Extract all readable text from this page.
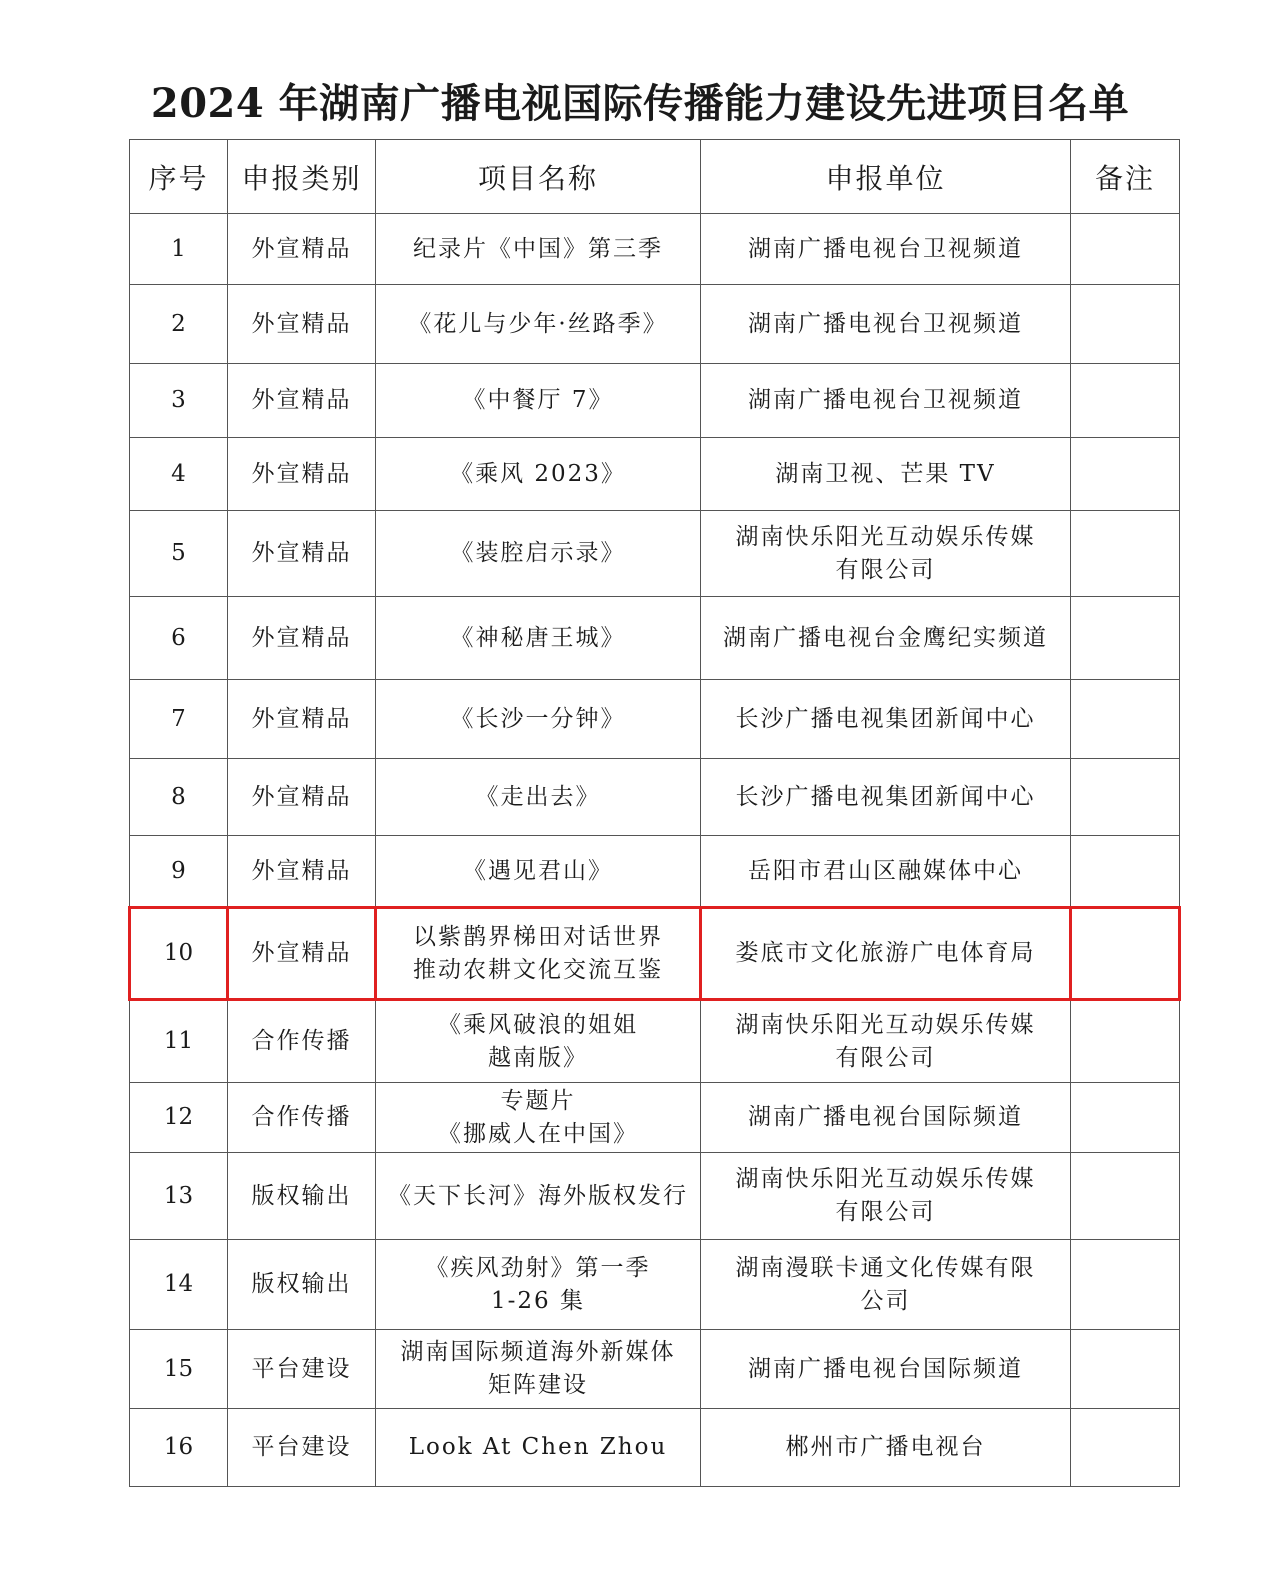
2024 年湖南广播电视国际传播能力建设先进项目名单
序号	申报类别	项目名称	申报单位	备注
1	外宣精品	纪录片《中国》第三季	湖南广播电视台卫视频道	
2	外宣精品	《花儿与少年·丝路季》	湖南广播电视台卫视频道	
3	外宣精品	《中餐厅 7》	湖南广播电视台卫视频道	
4	外宣精品	《乘风 2023》	湖南卫视、芒果 TV	
5	外宣精品	《装腔启示录》	湖南快乐阳光互动娱乐传媒
有限公司	
6	外宣精品	《神秘唐王城》	湖南广播电视台金鹰纪实频道	
7	外宣精品	《长沙一分钟》	长沙广播电视集团新闻中心	
8	外宣精品	《走出去》	长沙广播电视集团新闻中心	
9	外宣精品	《遇见君山》	岳阳市君山区融媒体中心	
10	外宣精品	以紫鹊界梯田对话世界
推动农耕文化交流互鉴	娄底市文化旅游广电体育局	
11	合作传播	《乘风破浪的姐姐
越南版》	湖南快乐阳光互动娱乐传媒
有限公司	
12	合作传播	专题片
《挪威人在中国》	湖南广播电视台国际频道	
13	版权输出	《天下长河》海外版权发行	湖南快乐阳光互动娱乐传媒
有限公司	
14	版权输出	《疾风劲射》第一季
1-26 集	湖南漫联卡通文化传媒有限
公司	
15	平台建设	湖南国际频道海外新媒体
矩阵建设	湖南广播电视台国际频道	
16	平台建设	Look At Chen Zhou	郴州市广播电视台	
